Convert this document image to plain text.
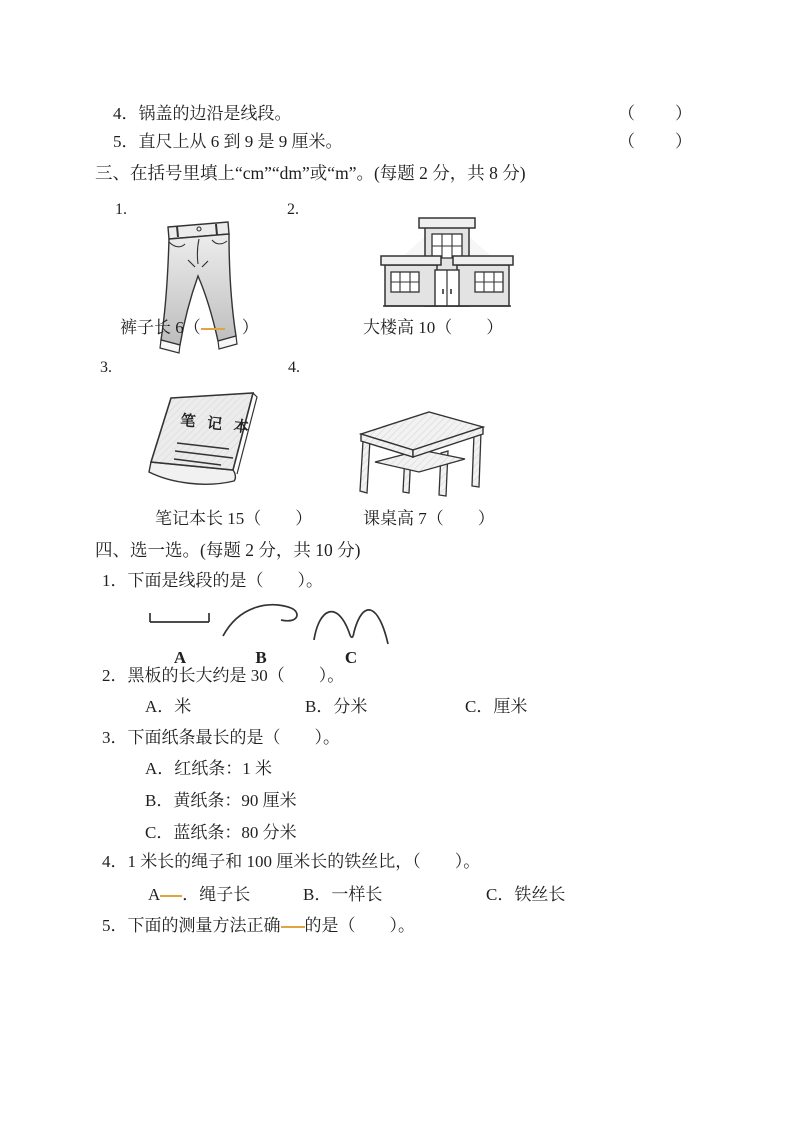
4．锅盖的边沿是线段。	（　　）
5．直尺上从 6 到 9 是 9 厘米。	（　　）
三、在括号里填上“cm”“dm”或“m”。(每题 2 分，共 8 分)
1.	2.
裤子长 6（　）	大楼高 10（　　）
3.	4.
笔 记 本
笔记本长 15（　　）	课桌高 7（　　）
四、选一选。(每题 2 分，共 10 分)
1．下面是线段的是（　　）。
A	B	C
2．黑板的长大约是 30（　　）。
A．米	B．分米	C．厘米
3．下面纸条最长的是（　　）。
A．红纸条：1 米
B．黄纸条：90 厘米
C．蓝纸条：80 分米
4．1 米长的绳子和 100 厘米长的铁丝比，（　　）。
A ．绳子长	B．一样长	C．铁丝长
5．下面的测量方法正确 的是（　　）。
